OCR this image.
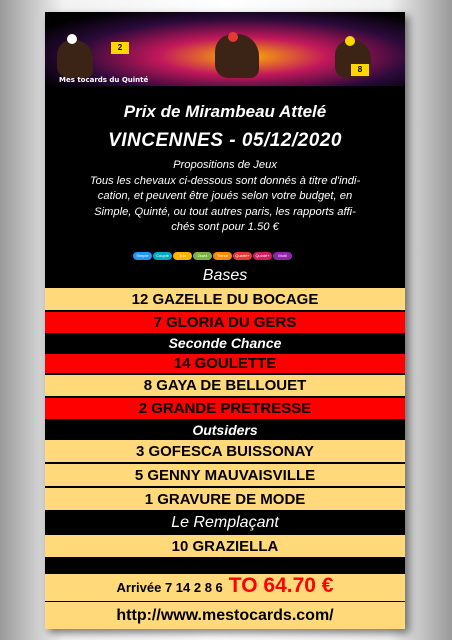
2
8
Mes tocards du Quinté
Prix de Mirambeau Attelé
VINCENNES - 05/12/2020
Propositions de Jeux
Tous les chevaux ci-dessous sont donnés à titre d'indi-
cation, et peuvent être joués selon votre budget, en
Simple, Quinté, ou tout autres paris, les rapports affi-
chés sont pour 1.50 €
Simple	Couplé	Trio	2sur4	Tiercé	Quarté+	Quinté+	Multi
Bases
12 GAZELLE DU BOCAGE
7 GLORIA DU GERS
Seconde Chance
14 GOULETTE
8 GAYA DE BELLOUET
2 GRANDE PRETRESSE
Outsiders
3 GOFESCA BUISSONAY
5 GENNY MAUVAISVILLE
1 GRAVURE DE MODE
Le Remplaçant
10 GRAZIELLA
Arrivée 7 14 2 8 6 TO 64.70 €
http://www.mestocards.com/
